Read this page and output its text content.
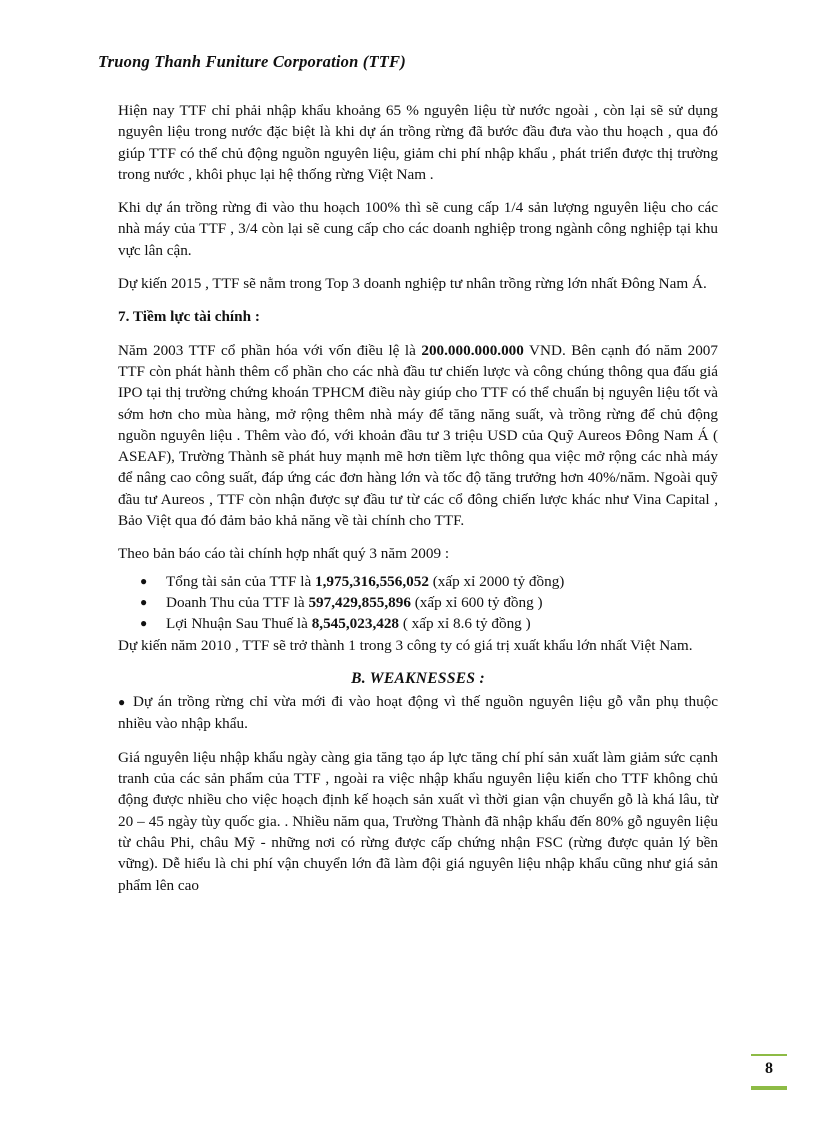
Truong Thanh Funiture Corporation (TTF)

Hiện nay TTF chỉ phải nhập khẩu khoảng 65 % nguyên liệu từ nước ngoài , còn lại sẽ sử dụng nguyên liệu trong nước đặc biệt là khi dự án trồng rừng đã bước đầu đưa vào thu hoạch , qua đó giúp TTF có thể chủ động nguồn nguyên liệu, giảm chi phí nhập khẩu , phát triển được thị trường trong nước , khôi phục lại hệ thống rừng Việt Nam .

Khi dự án trồng rừng đi vào thu hoạch 100% thì sẽ cung cấp 1/4 sản lượng nguyên liệu cho các nhà máy của TTF , 3/4 còn lại sẽ cung cấp cho các doanh nghiệp trong ngành công nghiệp tại khu vực lân cận.

Dự kiến 2015 , TTF sẽ nằm trong Top 3 doanh nghiệp tư nhân trồng rừng lớn nhất Đông Nam Á.

7. Tiềm lực tài chính :

Năm 2003 TTF cổ phần hóa với vốn điều lệ là 200.000.000.000 VND. Bên cạnh đó năm 2007 TTF còn phát hành thêm cổ phần cho các nhà đầu tư chiến lược và công chúng thông qua đấu giá IPO tại thị trường chứng khoán TPHCM điều này giúp cho TTF có thể chuẩn bị nguyên liệu tốt và sớm hơn cho mùa hàng, mở rộng thêm nhà máy để tăng năng suất, và trồng rừng để chủ động nguồn nguyên liệu . Thêm vào đó, với khoản đầu tư 3 triệu USD của Quỹ Aureos Đông Nam Á ( ASEAF), Trường Thành sẽ phát huy mạnh mẽ hơn tiềm lực thông qua việc mở rộng các nhà máy để nâng cao công suất, đáp ứng các đơn hàng lớn và tốc độ tăng trưởng hơn 40%/năm. Ngoài quỹ đầu tư Aureos , TTF còn nhận được sự đầu tư từ các cổ đông chiến lược khác như Vina Capital , Bảo Việt qua đó đảm bảo khả năng về tài chính cho TTF.

Theo bản báo cáo tài chính hợp nhất quý 3 năm 2009 :

● Tổng tài sản của TTF là 1,975,316,556,052 (xấp xỉ 2000 tỷ đồng)
● Doanh Thu của TTF là 597,429,855,896 (xấp xỉ 600 tỷ đồng )
● Lợi Nhuận Sau Thuế là 8,545,023,428 ( xấp xỉ 8.6 tỷ đồng )

Dự kiến năm 2010 , TTF sẽ trở thành 1 trong 3 công ty có giá trị xuất khẩu lớn nhất Việt Nam.

B. WEAKNESSES :

● Dự án trồng rừng chỉ vừa mới đi vào hoạt động vì thế nguồn nguyên liệu gỗ vẫn phụ thuộc nhiều vào nhập khẩu.

Giá nguyên liệu nhập khẩu ngày càng gia tăng tạo áp lực tăng chí phí sản xuất làm giảm sức cạnh tranh của các sản phẩm của TTF , ngoài ra việc nhập khẩu nguyên liệu kiến cho TTF không chủ động được nhiều cho việc hoạch định kế hoạch sản xuất vì thời gian vận chuyển gỗ là khá lâu, từ 20 – 45 ngày tùy quốc gia. . Nhiều năm qua, Trường Thành đã nhập khẩu đến 80% gỗ nguyên liệu từ châu Phi, châu Mỹ - những nơi có rừng được cấp chứng nhận FSC (rừng được quản lý bền vững). Dễ hiểu là chi phí vận chuyển lớn đã làm đội giá nguyên liệu nhập khẩu cũng như giá sản phẩm lên cao

8
